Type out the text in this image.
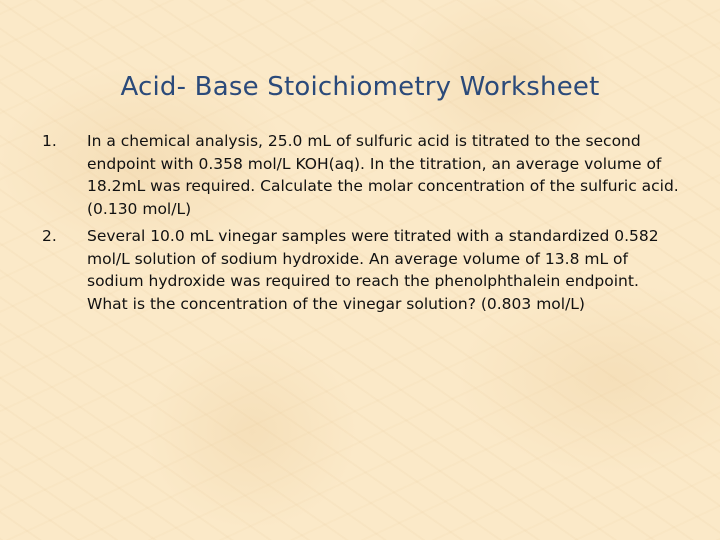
Acid- Base Stoichiometry Worksheet
1.	In a chemical analysis, 25.0 mL of sulfuric acid is titrated to the second endpoint with 0.358 mol/L KOH(aq). In the titration, an average volume of 18.2mL was required. Calculate the molar concentration of the sulfuric acid. (0.130 mol/L)
2.	Several 10.0 mL vinegar samples were titrated with a standardized 0.582 mol/L solution of sodium hydroxide. An average volume of 13.8 mL of sodium hydroxide was required to reach the phenolphthalein endpoint. What is the concentration of the vinegar solution? (0.803 mol/L)
